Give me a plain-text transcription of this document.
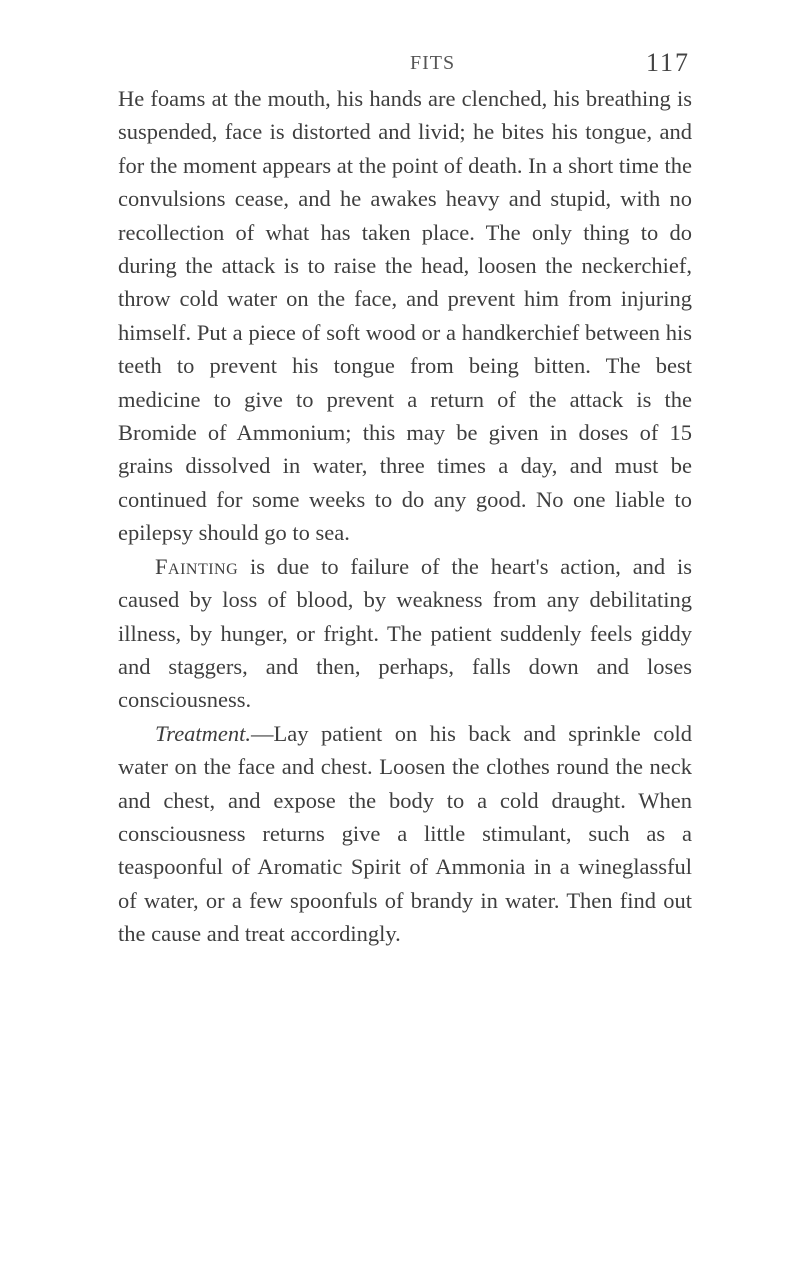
FITS	117

He foams at the mouth, his hands are clenched, his breathing is suspended, face is distorted and livid; he bites his tongue, and for the moment appears at the point of death. In a short time the convulsions cease, and he awakes heavy and stupid, with no recollection of what has taken place. The only thing to do during the attack is to raise the head, loosen the neckerchief, throw cold water on the face, and prevent him from injuring himself. Put a piece of soft wood or a handkerchief between his teeth to prevent his tongue from being bitten. The best medicine to give to prevent a return of the attack is the Bromide of Ammonium; this may be given in doses of 15 grains dissolved in water, three times a day, and must be continued for some weeks to do any good. No one liable to epilepsy should go to sea.

Fainting is due to failure of the heart's action, and is caused by loss of blood, by weakness from any debilitating illness, by hunger, or fright. The patient suddenly feels giddy and staggers, and then, perhaps, falls down and loses consciousness.

Treatment.—Lay patient on his back and sprinkle cold water on the face and chest. Loosen the clothes round the neck and chest, and expose the body to a cold draught. When consciousness returns give a little stimulant, such as a teaspoonful of Aromatic Spirit of Ammonia in a wineglassful of water, or a few spoonfuls of brandy in water. Then find out the cause and treat accordingly.
